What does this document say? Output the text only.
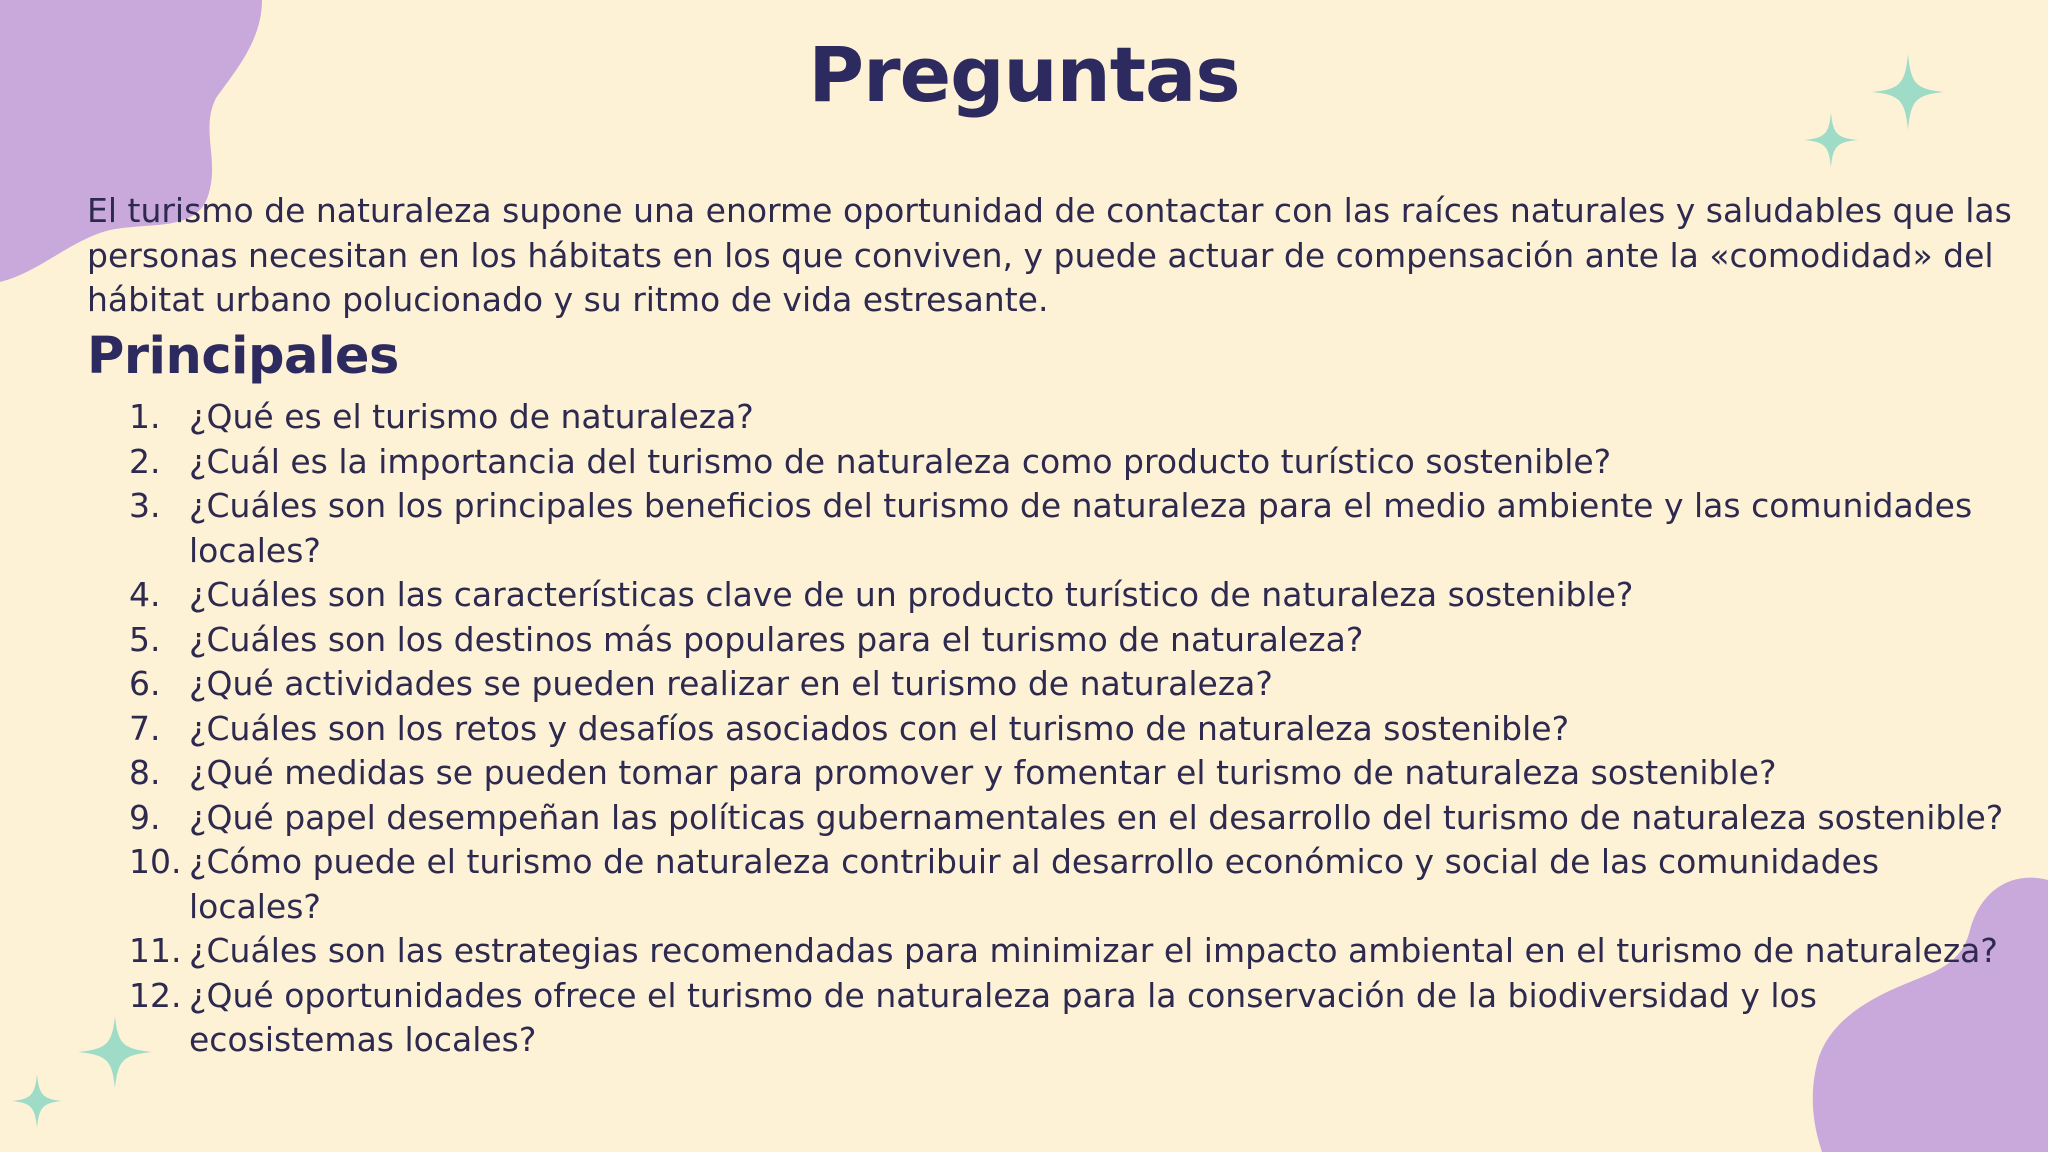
Preguntas

El turismo de naturaleza supone una enorme oportunidad de contactar con las raíces naturales y saludables que las personas necesitan en los hábitats en los que conviven, y puede actuar de compensación ante la «comodidad» del hábitat urbano polucionado y su ritmo de vida estresante.

Principales
1. ¿Qué es el turismo de naturaleza?
2. ¿Cuál es la importancia del turismo de naturaleza como producto turístico sostenible?
3. ¿Cuáles son los principales beneficios del turismo de naturaleza para el medio ambiente y las comunidades locales?
4. ¿Cuáles son las características clave de un producto turístico de naturaleza sostenible?
5. ¿Cuáles son los destinos más populares para el turismo de naturaleza?
6. ¿Qué actividades se pueden realizar en el turismo de naturaleza?
7. ¿Cuáles son los retos y desafíos asociados con el turismo de naturaleza sostenible?
8. ¿Qué medidas se pueden tomar para promover y fomentar el turismo de naturaleza sostenible?
9. ¿Qué papel desempeñan las políticas gubernamentales en el desarrollo del turismo de naturaleza sostenible?
10. ¿Cómo puede el turismo de naturaleza contribuir al desarrollo económico y social de las comunidades locales?
11. ¿Cuáles son las estrategias recomendadas para minimizar el impacto ambiental en el turismo de naturaleza?
12. ¿Qué oportunidades ofrece el turismo de naturaleza para la conservación de la biodiversidad y los ecosistemas locales?
